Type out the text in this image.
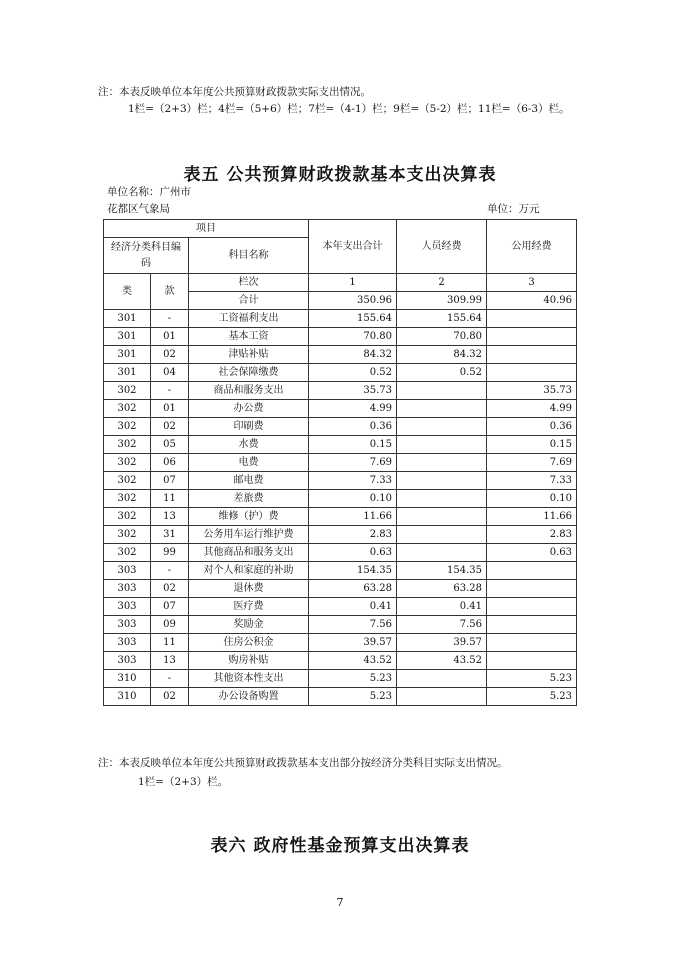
注：本表反映单位本年度公共预算财政拨款实际支出情况。
1栏=（2+3）栏；4栏=（5+6）栏；7栏=（4-1）栏；9栏=（5-2）栏；11栏=（6-3）栏。
表五 公共预算财政拨款基本支出决算表
单位名称：广州市
花都区气象局	单位：万元
项目			本年支出合计	人员经费	公用经费
经济分类科目编码		科目名称			

类	款	栏次	1	2	3
		合计	350.96	309.99	40.96
301	-	工资福利支出	155.64	155.64	
301	01	基本工资	70.80	70.80	
301	02	津贴补贴	84.32	84.32	
301	04	社会保障缴费	0.52	0.52	
302	-	商品和服务支出	35.73		35.73
302	01	办公费	4.99		4.99
302	02	印刷费	0.36		0.36
302	05	水费	0.15		0.15
302	06	电费	7.69		7.69
302	07	邮电费	7.33		7.33
302	11	差旅费	0.10		0.10
302	13	维修（护）费	11.66		11.66
302	31	公务用车运行维护费	2.83		2.83
302	99	其他商品和服务支出	0.63		0.63
303	-	对个人和家庭的补助	154.35	154.35	
303	02	退休费	63.28	63.28	
303	07	医疗费	0.41	0.41	
303	09	奖励金	7.56	7.56	
303	11	住房公积金	39.57	39.57	
303	13	购房补贴	43.52	43.52	
310	-	其他资本性支出	5.23		5.23
310	02	办公设备购置	5.23		5.23
注：本表反映单位本年度公共预算财政拨款基本支出部分按经济分类科目实际支出情况。
1栏=（2+3）栏。
表六 政府性基金预算支出决算表
7
